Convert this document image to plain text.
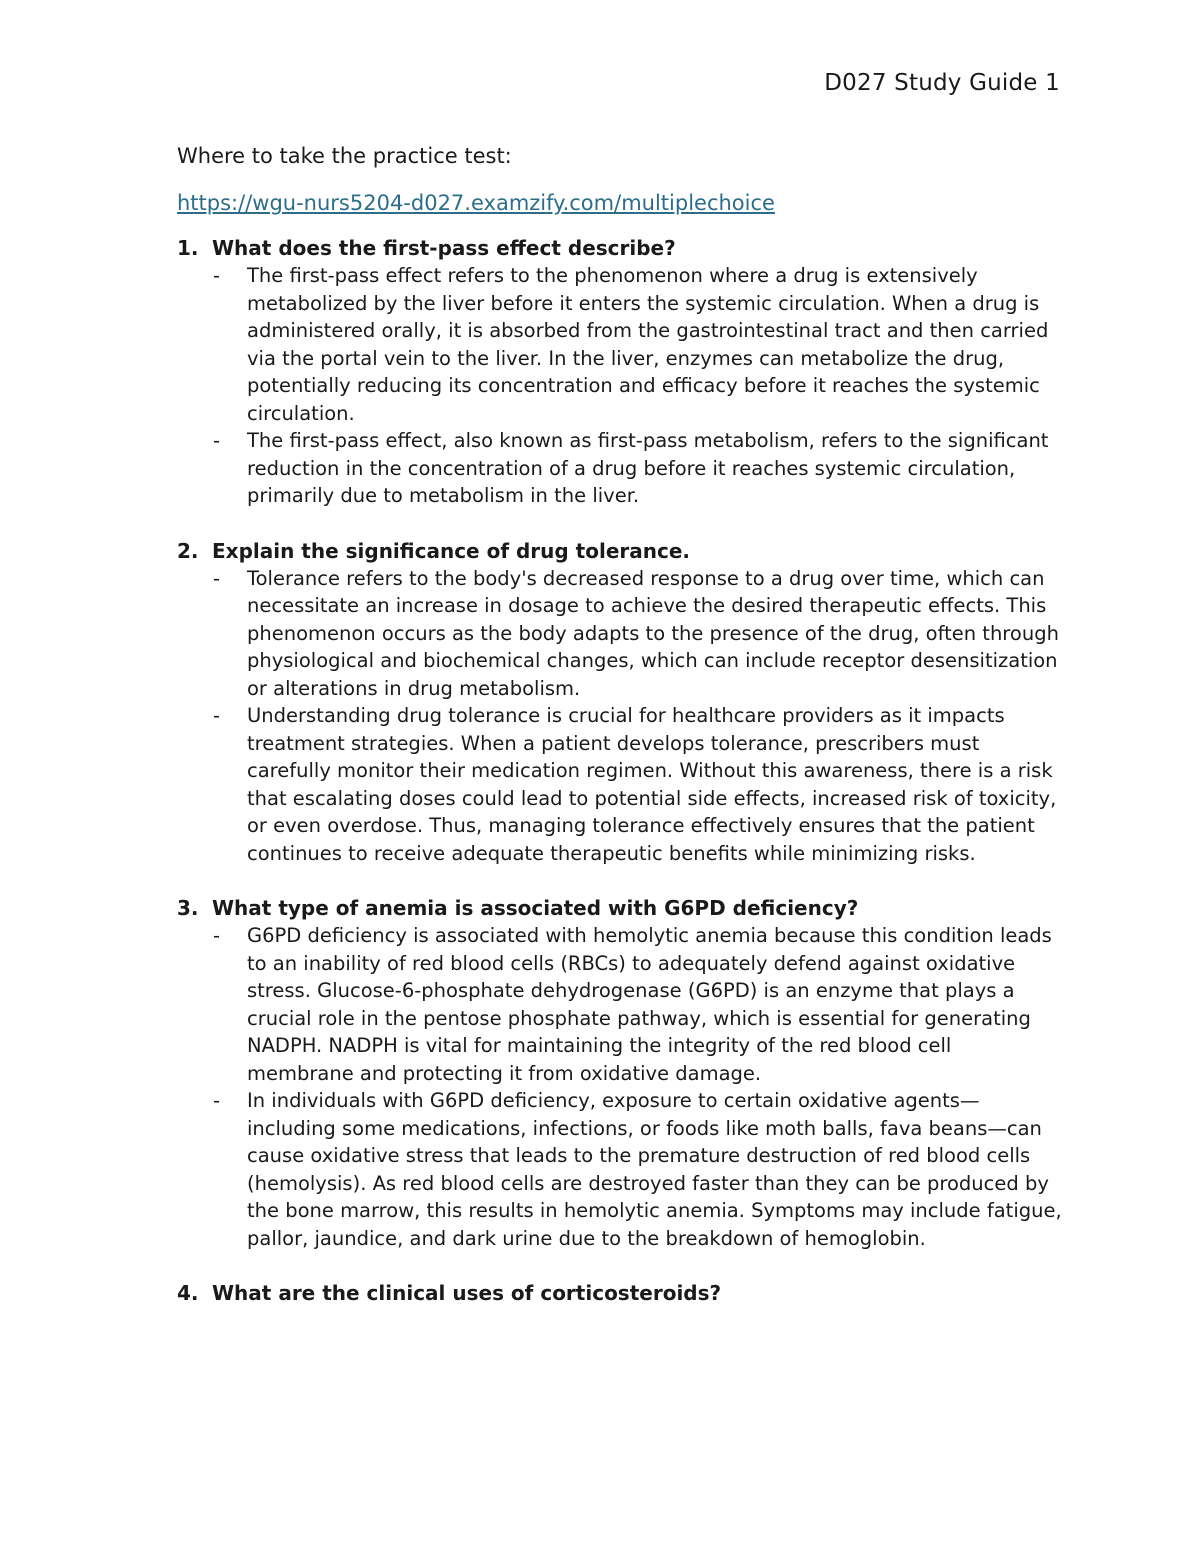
D027 Study Guide 1
Where to take the practice test:
https://wgu-nurs5204-d027.examzify.com/multiplechoice
1. What does the first-pass effect describe?
-	The first-pass effect refers to the phenomenon where a drug is extensively metabolized by the liver before it enters the systemic circulation. When a drug is administered orally, it is absorbed from the gastrointestinal tract and then carried via the portal vein to the liver. In the liver, enzymes can metabolize the drug, potentially reducing its concentration and efficacy before it reaches the systemic circulation.
-	The first-pass effect, also known as first-pass metabolism, refers to the significant reduction in the concentration of a drug before it reaches systemic circulation, primarily due to metabolism in the liver.
2. Explain the significance of drug tolerance.
-	Tolerance refers to the body's decreased response to a drug over time, which can necessitate an increase in dosage to achieve the desired therapeutic effects. This phenomenon occurs as the body adapts to the presence of the drug, often through physiological and biochemical changes, which can include receptor desensitization or alterations in drug metabolism.
-	Understanding drug tolerance is crucial for healthcare providers as it impacts treatment strategies. When a patient develops tolerance, prescribers must carefully monitor their medication regimen. Without this awareness, there is a risk that escalating doses could lead to potential side effects, increased risk of toxicity, or even overdose. Thus, managing tolerance effectively ensures that the patient continues to receive adequate therapeutic benefits while minimizing risks.
3. What type of anemia is associated with G6PD deficiency?
-	G6PD deficiency is associated with hemolytic anemia because this condition leads to an inability of red blood cells (RBCs) to adequately defend against oxidative stress. Glucose-6-phosphate dehydrogenase (G6PD) is an enzyme that plays a crucial role in the pentose phosphate pathway, which is essential for generating NADPH. NADPH is vital for maintaining the integrity of the red blood cell membrane and protecting it from oxidative damage.
-	In individuals with G6PD deficiency, exposure to certain oxidative agents—including some medications, infections, or foods like moth balls, fava beans—can cause oxidative stress that leads to the premature destruction of red blood cells (hemolysis). As red blood cells are destroyed faster than they can be produced by the bone marrow, this results in hemolytic anemia. Symptoms may include fatigue, pallor, jaundice, and dark urine due to the breakdown of hemoglobin.
4. What are the clinical uses of corticosteroids?
